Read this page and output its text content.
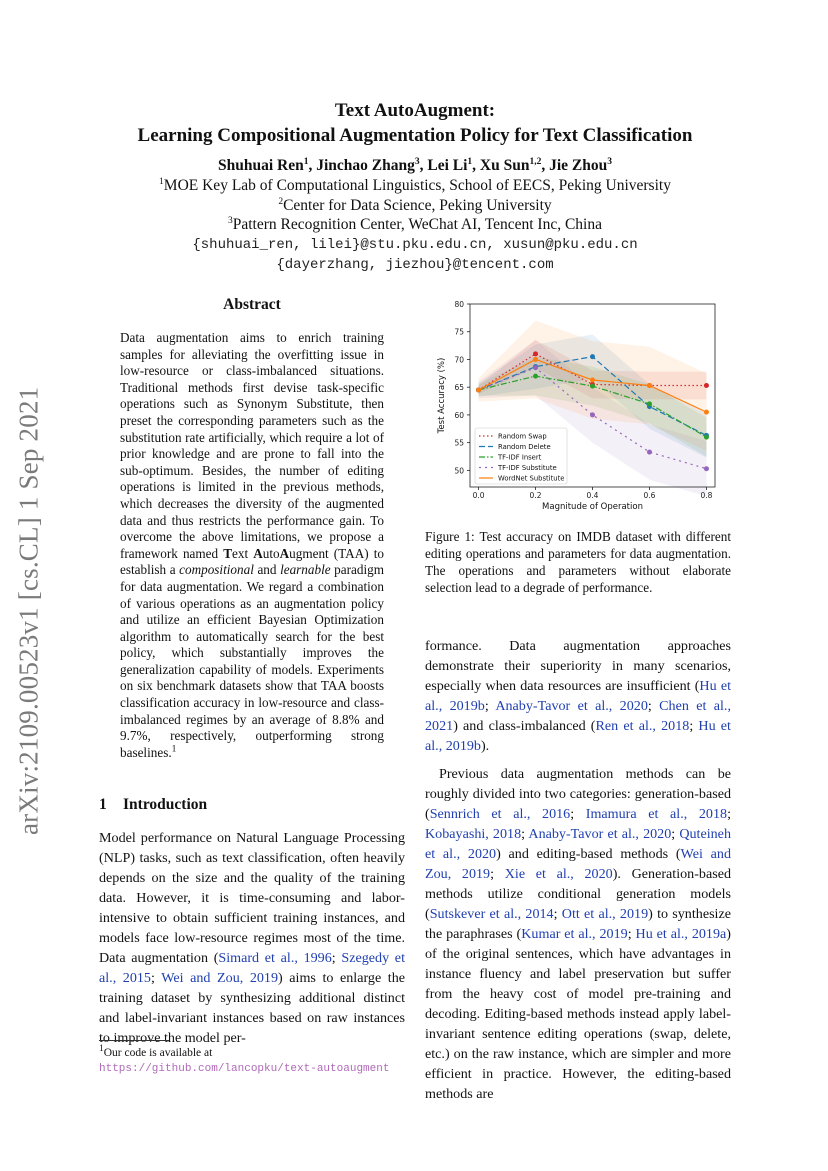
arXiv:2109.00523v1 [cs.CL] 1 Sep 2021
Text AutoAugment:
Learning Compositional Augmentation Policy for Text Classification
Shuhuai Ren$^1$, Jinchao Zhang$^3$, Lei Li$^1$, Xu Sun$^{1,2}$, Jie Zhou$^3$
$^1$MOE Key Lab of Computational Linguistics, School of EECS, Peking University
$^2$Center for Data Science, Peking University
$^3$Pattern Recognition Center, WeChat AI, Tencent Inc, China
{shuhuai_ren, lilei}@stu.pku.edu.cn, xusun@pku.edu.cn
{dayerzhang, jiezhou}@tencent.com
Abstract
Data augmentation aims to enrich training samples for alleviating the overfitting issue in low-resource or class-imbalanced situations. Traditional methods first devise task-specific operations such as Synonym Substitute, then preset the corresponding parameters such as the substitution rate artificially, which require a lot of prior knowledge and are prone to fall into the sub-optimum. Besides, the number of editing operations is limited in the previous methods, which decreases the diversity of the augmented data and thus restricts the performance gain. To overcome the above limitations, we propose a framework named Text AutoAugment (TAA) to establish a compositional and learnable paradigm for data augmentation. We regard a combination of various operations as an augmentation policy and utilize an efficient Bayesian Optimization algorithm to automatically search for the best policy, which substantially improves the generalization capability of models. Experiments on six benchmark datasets show that TAA boosts classification accuracy in low-resource and class-imbalanced regimes by an average of 8.8% and 9.7%, respectively, outperforming strong baselines.$^1$
1 Introduction
Model performance on Natural Language Processing (NLP) tasks, such as text classification, often heavily depends on the size and the quality of the training data. However, it is time-consuming and labor-intensive to obtain sufficient training instances, and models face low-resource regimes most of the time. Data augmentation (Simard et al., 1996; Szegedy et al., 2015; Wei and Zou, 2019) aims to enlarge the training dataset by synthesizing additional distinct and label-invariant instances based on raw instances to improve the model per-
$^1$Our code is available at https://github.com/lancopku/text-autoaugment
50
55
60
65
70
75
80
0.0	0.2	0.4	0.6	0.8
Magnitude of Operation
Test Accuracy (%)
Random Swap
Random Delete
TF-IDF Insert
TF-IDF Substitute
WordNet Substitute
Figure 1: Test accuracy on IMDB dataset with different editing operations and parameters for data augmentation. The operations and parameters without elaborate selection lead to a degrade of performance.

formance. Data augmentation approaches demonstrate their superiority in many scenarios, especially when data resources are insufficient (Hu et al., 2019b; Anaby-Tavor et al., 2020; Chen et al., 2021) and class-imbalanced (Ren et al., 2018; Hu et al., 2019b).

Previous data augmentation methods can be roughly divided into two categories: generation-based (Sennrich et al., 2016; Imamura et al., 2018; Kobayashi, 2018; Anaby-Tavor et al., 2020; Quteineh et al., 2020) and editing-based methods (Wei and Zou, 2019; Xie et al., 2020). Generation-based methods utilize conditional generation models (Sutskever et al., 2014; Ott et al., 2019) to synthesize the paraphrases (Kumar et al., 2019; Hu et al., 2019a) of the original sentences, which have advantages in instance fluency and label preservation but suffer from the heavy cost of model pre-training and decoding. Editing-based methods instead apply label-invariant sentence editing operations (swap, delete, etc.) on the raw instance, which are simpler and more efficient in practice. However, the editing-based methods are
